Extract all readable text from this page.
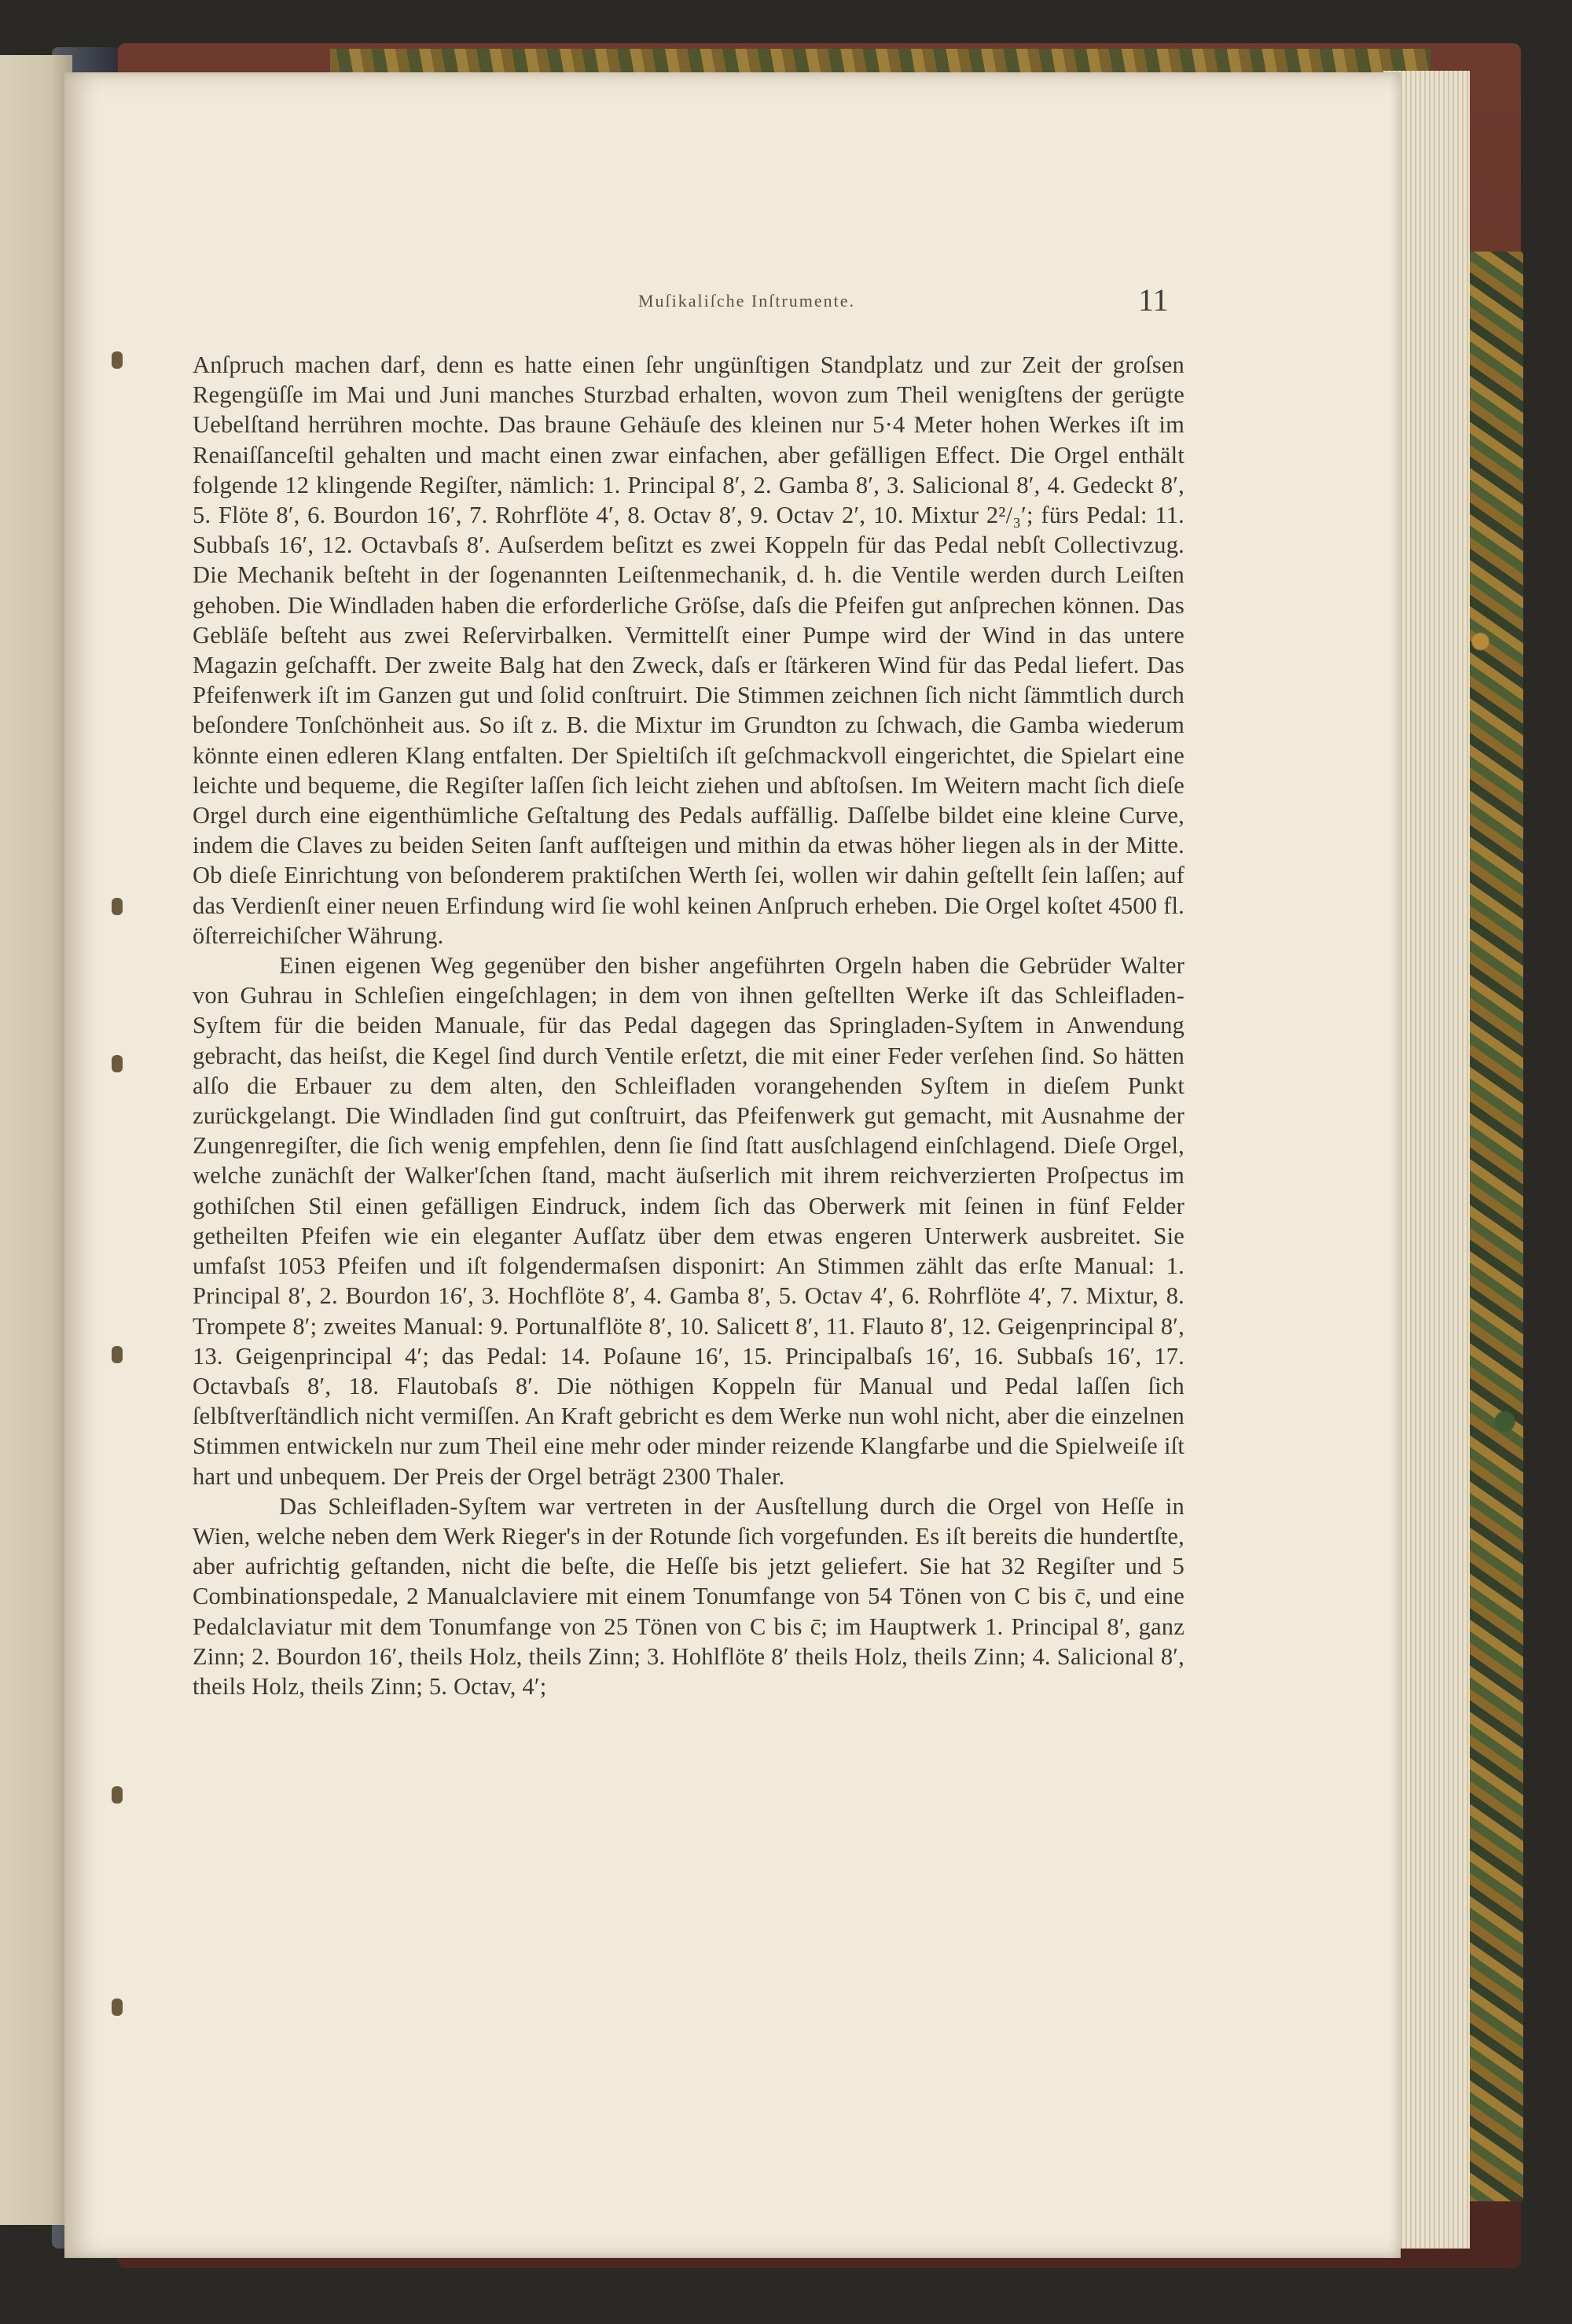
Muſikaliſche Inſtrumente.	11

Anſpruch machen darf, denn es hatte einen ſehr ungünſtigen Standplatz und zur Zeit der groſsen Regengüſſe im Mai und Juni manches Sturzbad erhalten, wovon zum Theil wenigſtens der gerügte Uebelſtand herrühren mochte. Das braune Gehäuſe des kleinen nur 5·4 Meter hohen Werkes iſt im Renaiſſanceſtil gehalten und macht einen zwar einfachen, aber gefälligen Effect. Die Orgel enthält folgende 12 klingende Regiſter, nämlich: 1. Principal 8′, 2. Gamba 8′, 3. Salicional 8′, 4. Gedeckt 8′, 5. Flöte 8′, 6. Bourdon 16′, 7. Rohrflöte 4′, 8. Octav 8′, 9. Octav 2′, 10. Mixtur 2²/₃′; fürs Pedal: 11. Subbaſs 16′, 12. Octavbaſs 8′. Auſserdem beſitzt es zwei Koppeln für das Pedal nebſt Collectivzug. Die Mechanik beſteht in der ſogenannten Leiſtenmechanik, d. h. die Ventile werden durch Leiſten gehoben. Die Windladen haben die erforderliche Gröſse, daſs die Pfeifen gut anſprechen können. Das Gebläſe beſteht aus zwei Reſervirbalken. Vermittelſt einer Pumpe wird der Wind in das untere Magazin geſchafft. Der zweite Balg hat den Zweck, daſs er ſtärkeren Wind für das Pedal liefert. Das Pfeifenwerk iſt im Ganzen gut und ſolid conſtruirt. Die Stimmen zeichnen ſich nicht ſämmtlich durch beſondere Tonſchönheit aus. So iſt z. B. die Mixtur im Grundton zu ſchwach, die Gamba wiederum könnte einen edleren Klang entfalten. Der Spieltiſch iſt geſchmackvoll eingerichtet, die Spielart eine leichte und bequeme, die Regiſter laſſen ſich leicht ziehen und abſtoſsen. Im Weitern macht ſich dieſe Orgel durch eine eigenthümliche Geſtaltung des Pedals auffällig. Daſſelbe bildet eine kleine Curve, indem die Claves zu beiden Seiten ſanft aufſteigen und mithin da etwas höher liegen als in der Mitte. Ob dieſe Einrichtung von beſonderem praktiſchen Werth ſei, wollen wir dahin geſtellt ſein laſſen; auf das Verdienſt einer neuen Erfindung wird ſie wohl keinen Anſpruch erheben. Die Orgel koſtet 4500 fl. öſterreichiſcher Währung.

Einen eigenen Weg gegenüber den bisher angeführten Orgeln haben die Gebrüder Walter von Guhrau in Schleſien eingeſchlagen; in dem von ihnen geſtellten Werke iſt das Schleifladen-Syſtem für die beiden Manuale, für das Pedal dagegen das Springladen-Syſtem in Anwendung gebracht, das heiſst, die Kegel ſind durch Ventile erſetzt, die mit einer Feder verſehen ſind. So hätten alſo die Erbauer zu dem alten, den Schleifladen vorangehenden Syſtem in dieſem Punkt zurückgelangt. Die Windladen ſind gut conſtruirt, das Pfeifenwerk gut gemacht, mit Ausnahme der Zungenregiſter, die ſich wenig empfehlen, denn ſie ſind ſtatt ausſchlagend einſchlagend. Dieſe Orgel, welche zunächſt der Walker'ſchen ſtand, macht äuſserlich mit ihrem reichverzierten Proſpectus im gothiſchen Stil einen gefälligen Eindruck, indem ſich das Oberwerk mit ſeinen in fünf Felder getheilten Pfeifen wie ein eleganter Aufſatz über dem etwas engeren Unterwerk ausbreitet. Sie umfaſst 1053 Pfeifen und iſt folgendermaſsen disponirt: An Stimmen zählt das erſte Manual: 1. Principal 8′, 2. Bourdon 16′, 3. Hochflöte 8′, 4. Gamba 8′, 5. Octav 4′, 6. Rohrflöte 4′, 7. Mixtur, 8. Trompete 8′; zweites Manual: 9. Portunalflöte 8′, 10. Salicett 8′, 11. Flauto 8′, 12. Geigenprincipal 8′, 13. Geigenprincipal 4′; das Pedal: 14. Poſaune 16′, 15. Principalbaſs 16′, 16. Subbaſs 16′, 17. Octavbaſs 8′, 18. Flautobaſs 8′. Die nöthigen Koppeln für Manual und Pedal laſſen ſich ſelbſtverſtändlich nicht vermiſſen. An Kraft gebricht es dem Werke nun wohl nicht, aber die einzelnen Stimmen entwickeln nur zum Theil eine mehr oder minder reizende Klangfarbe und die Spielweiſe iſt hart und unbequem. Der Preis der Orgel beträgt 2300 Thaler.

Das Schleifladen-Syſtem war vertreten in der Ausſtellung durch die Orgel von Heſſe in Wien, welche neben dem Werk Rieger's in der Rotunde ſich vorgefunden. Es iſt bereits die hundertſte, aber aufrichtig geſtanden, nicht die beſte, die Heſſe bis jetzt geliefert. Sie hat 32 Regiſter und 5 Combinationspedale, 2 Manualclaviere mit einem Tonumfange von 54 Tönen von C bis c̄, und eine Pedalclaviatur mit dem Tonumfange von 25 Tönen von C bis c̄; im Hauptwerk 1. Principal 8′, ganz Zinn; 2. Bourdon 16′, theils Holz, theils Zinn; 3. Hohlflöte 8′ theils Holz, theils Zinn; 4. Salicional 8′, theils Holz, theils Zinn; 5. Octav, 4′;
